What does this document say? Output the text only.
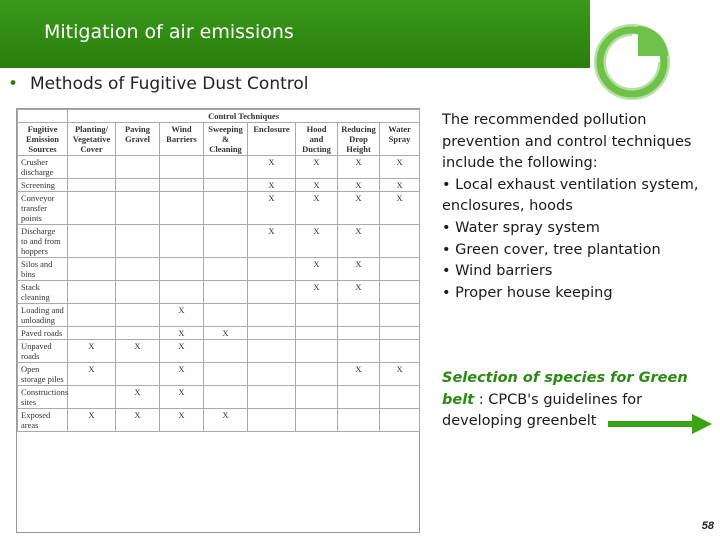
Mitigation of air emissions
• Methods of Fugitive Dust Control
	Control Techniques							
Fugitive Emission Sources	Planting/ Vegetative Cover	Paving Gravel	Wind Barriers	Sweeping & Cleaning	Enclosure	Hood and Ducting	Reducing Drop Height	Water Spray
Crusher discharge					X	X	X	X
Screening					X	X	X	X
Conveyor transfer points					X	X	X	X
Discharge to and from hoppers					X	X	X	
Silos and bins						X	X	
Stack cleaning						X	X	
Loading and unloading			X					
Paved roads			X	X				
Unpaved roads	X	X	X					
Open storage piles	X		X				X	X
Constructions sites		X	X					
Exposed areas	X	X	X	X				
The recommended pollution prevention and control techniques include the following:
• Local exhaust ventilation system, enclosures, hoods
• Water spray system
• Green cover, tree plantation
• Wind barriers
• Proper house keeping
Selection of species for Green belt : CPCB's guidelines for developing greenbelt
58
